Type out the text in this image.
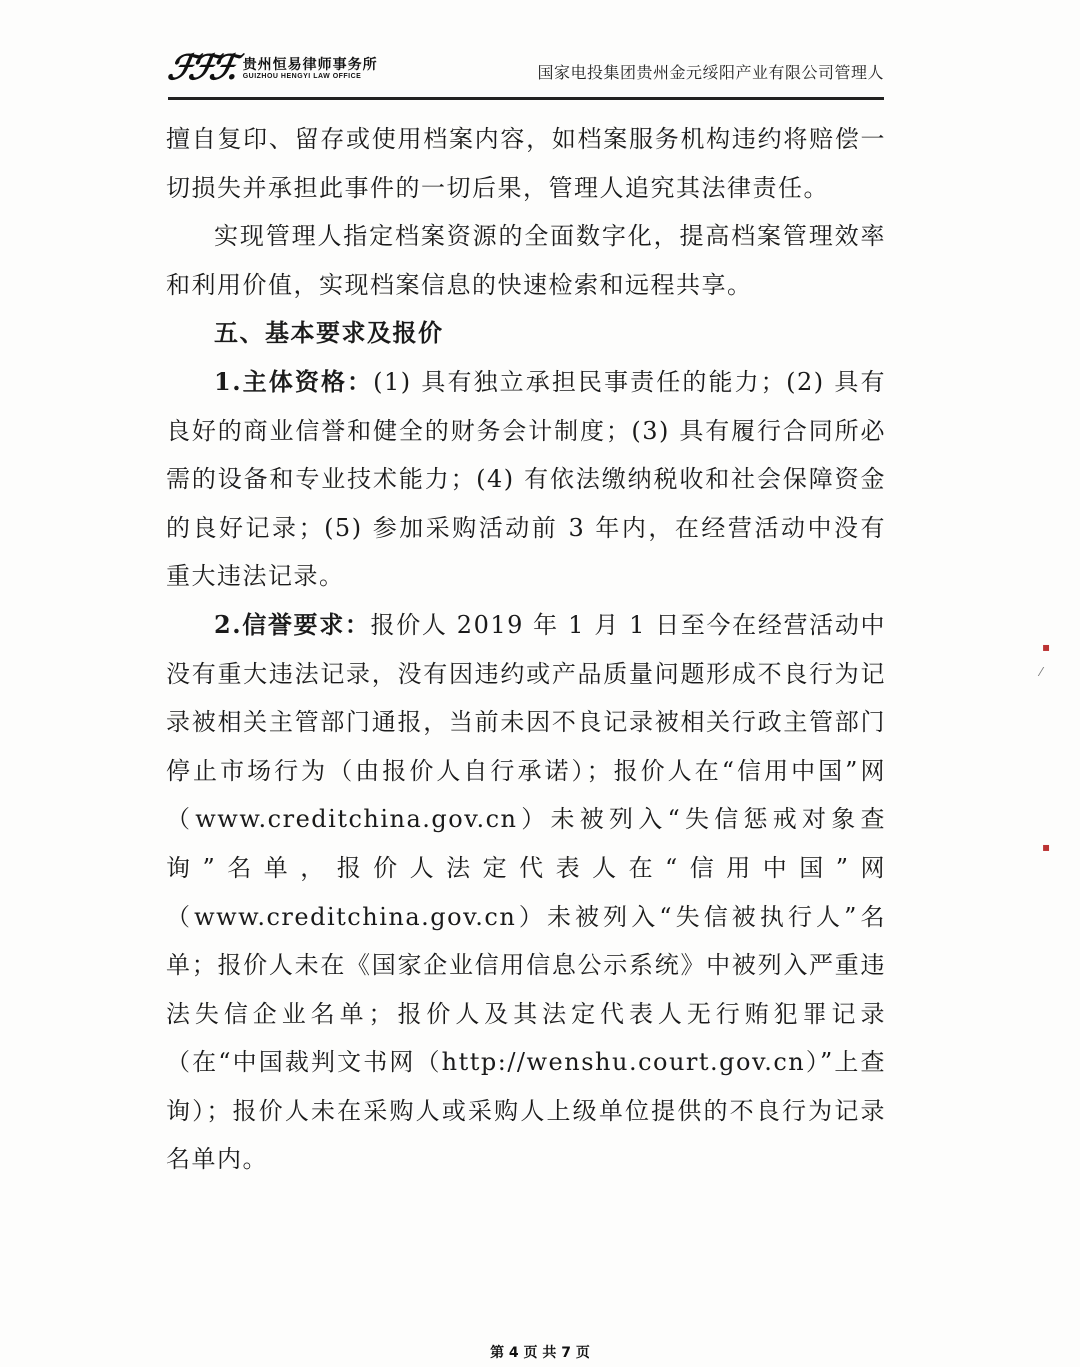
ℱℱℱ. 贵州恒易律师事务所
GUIZHOU HENGYI LAW OFFICE	国家电投集团贵州金元绥阳产业有限公司管理人

擅自复印、留存或使用档案内容，如档案服务机构违约将赔偿一切损失并承担此事件的一切后果，管理人追究其法律责任。

实现管理人指定档案资源的全面数字化，提高档案管理效率和利用价值，实现档案信息的快速检索和远程共享。

五、基本要求及报价

1.主体资格：(1) 具有独立承担民事责任的能力；(2) 具有良好的商业信誉和健全的财务会计制度；(3) 具有履行合同所必需的设备和专业技术能力；(4) 有依法缴纳税收和社会保障资金的良好记录；(5) 参加采购活动前 3 年内，在经营活动中没有重大违法记录。

2.信誉要求：报价人 2019 年 1 月 1 日至今在经营活动中没有重大违法记录，没有因违约或产品质量问题形成不良行为记录被相关主管部门通报，当前未因不良记录被相关行政主管部门停止市场行为（由报价人自行承诺）；报价人在“信用中国”网（www.creditchina.gov.cn）未被列入“失信惩戒对象查询”名单，报价人法定代表人在“信用中国”网（www.creditchina.gov.cn）未被列入“失信被执行人”名单；报价人未在《国家企业信用信息公示系统》中被列入严重违法失信企业名单；报价人及其法定代表人无行贿犯罪记录（在“中国裁判文书网（http://wenshu.court.gov.cn）”上查询）；报价人未在采购人或采购人上级单位提供的不良行为记录名单内。

▪
⁄
▪
第 4 页 共 7 页
